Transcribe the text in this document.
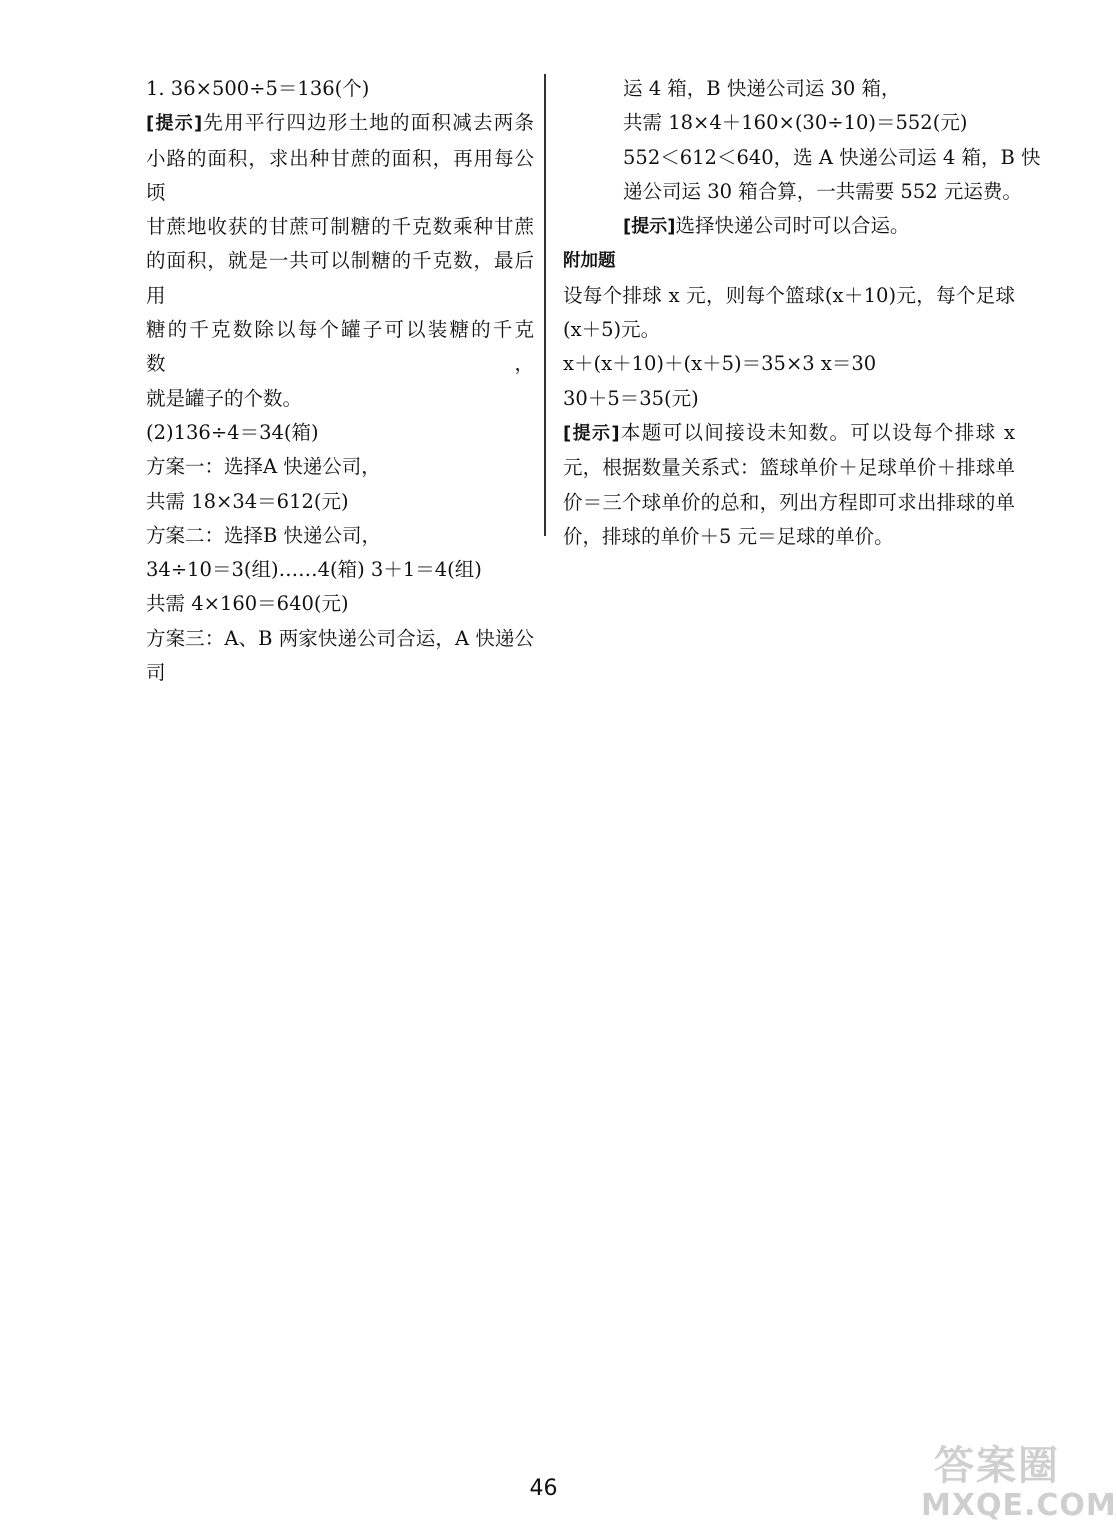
1. 36×500÷5＝136(个)
[提示]先用平行四边形土地的面积减去两条
小路的面积，求出种甘蔗的面积，再用每公顷
甘蔗地收获的甘蔗可制糖的千克数乘种甘蔗
的面积，就是一共可以制糖的千克数，最后用
糖的千克数除以每个罐子可以装糖的千克数，
就是罐子的个数。
(2)136÷4＝34(箱)
方案一：选择A 快递公司，
共需 18×34＝612(元)
方案二：选择B 快递公司，
34÷10＝3(组)……4(箱) 3＋1＝4(组)
共需 4×160＝640(元)
方案三：A、B 两家快递公司合运，A 快递公司
运 4 箱，B 快递公司运 30 箱，
共需 18×4＋160×(30÷10)＝552(元)
552＜612＜640，选 A 快递公司运 4 箱，B 快
递公司运 30 箱合算，一共需要 552 元运费。
[提示]选择快递公司时可以合运。
附加题
设每个排球 x 元，则每个篮球(x＋10)元，每个足球
(x＋5)元。
x＋(x＋10)＋(x＋5)＝35×3 x＝30
30＋5＝35(元)
[提示]本题可以间接设未知数。可以设每个排球 x
元，根据数量关系式：篮球单价＋足球单价＋排球单
价＝三个球单价的总和，列出方程即可求出排球的单
价，排球的单价＋5 元＝足球的单价。
46	答案圈
MXQE.COM
